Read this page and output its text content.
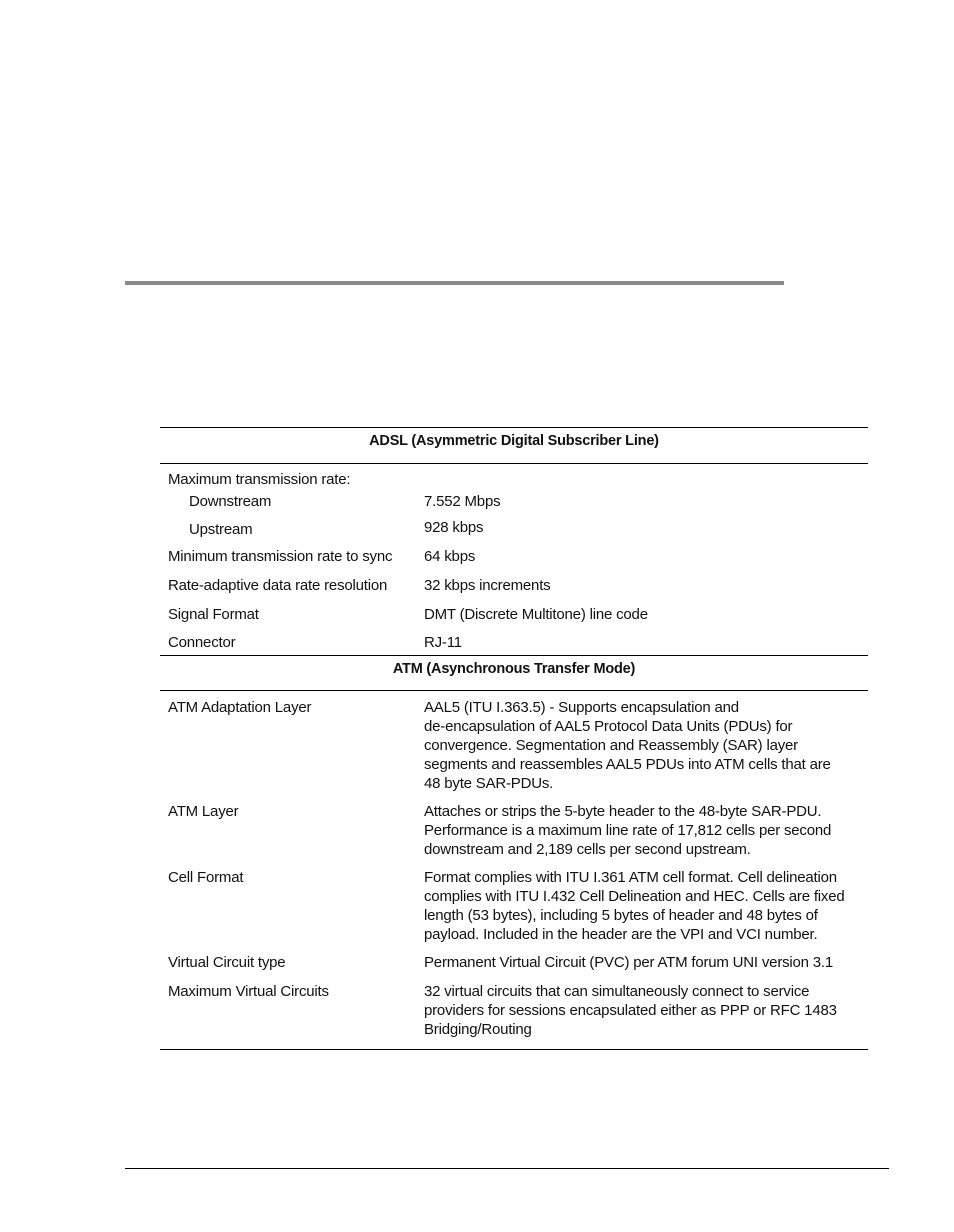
ADSL (Asymmetric Digital Subscriber Line)
Maximum transmission rate:
Downstream	7.552 Mbps
Upstream	928 kbps
Minimum transmission rate to sync	64 kbps
Rate-adaptive data rate resolution	32 kbps increments
Signal Format	DMT (Discrete Multitone) line code
Connector	RJ-11
ATM (Asynchronous Transfer Mode)
ATM Adaptation Layer	AAL5 (ITU I.363.5) - Supports encapsulation and
de-encapsulation of AAL5 Protocol Data Units (PDUs) for
convergence. Segmentation and Reassembly (SAR) layer
segments and reassembles AAL5 PDUs into ATM cells that are
48 byte SAR-PDUs.
ATM Layer	Attaches or strips the 5-byte header to the 48-byte SAR-PDU.
Performance is a maximum line rate of 17,812 cells per second
downstream and 2,189 cells per second upstream.
Cell Format	Format complies with ITU I.361 ATM cell format. Cell delineation
complies with ITU I.432 Cell Delineation and HEC. Cells are fixed
length (53 bytes), including 5 bytes of header and 48 bytes of
payload. Included in the header are the VPI and VCI number.
Virtual Circuit type	Permanent Virtual Circuit (PVC) per ATM forum UNI version 3.1
Maximum Virtual Circuits	32 virtual circuits that can simultaneously connect to service
providers for sessions encapsulated either as PPP or RFC 1483
Bridging/Routing
